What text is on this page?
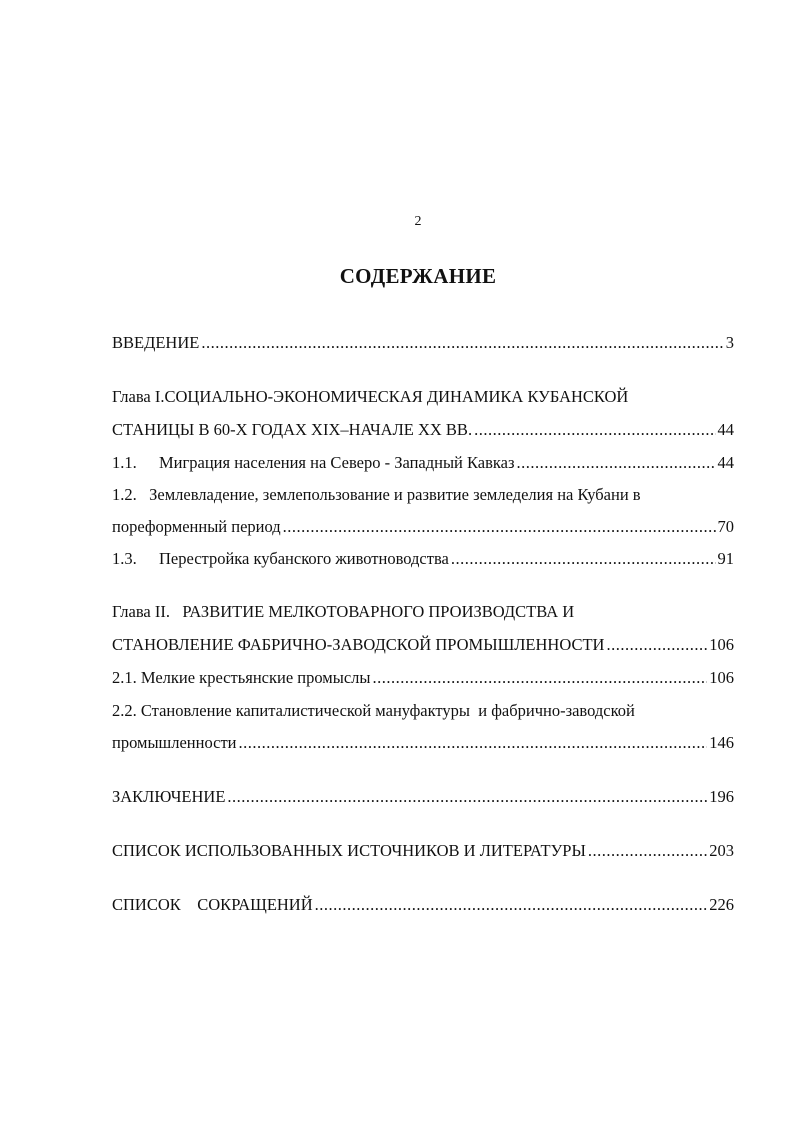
2
СОДЕРЖАНИЕ
ВВЕДЕНИЕ .....	3
Глава I.СОЦИАЛЬНО-ЭКОНОМИЧЕСКАЯ ДИНАМИКА КУБАНСКОЙ
СТАНИЦЫ В 60-Х ГОДАХ XIX–НАЧАЛЕ XX ВВ. .....	44
1.1. Миграция населения на Северо - Западный Кавказ .....	44
1.2.   Землевладение, землепользование и развитие земледелия на Кубани в
пореформенный период .....	70
1.3. Перестройка кубанского животноводства .....	91
Глава II.   РАЗВИТИЕ МЕЛКОТОВАРНОГО ПРОИЗВОДСТВА И
СТАНОВЛЕНИЕ ФАБРИЧНО-ЗАВОДСКОЙ ПРОМЫШЛЕННОСТИ .....	106
2.1. Мелкие крестьянские промыслы .....	106
2.2. Становление капиталистической мануфактуры  и фабрично-заводской
промышленности .....	146
ЗАКЛЮЧЕНИЕ .....	196
СПИСОК ИСПОЛЬЗОВАННЫХ ИСТОЧНИКОВ И ЛИТЕРАТУРЫ .....	203
СПИСОК    СОКРАЩЕНИЙ .....	226
